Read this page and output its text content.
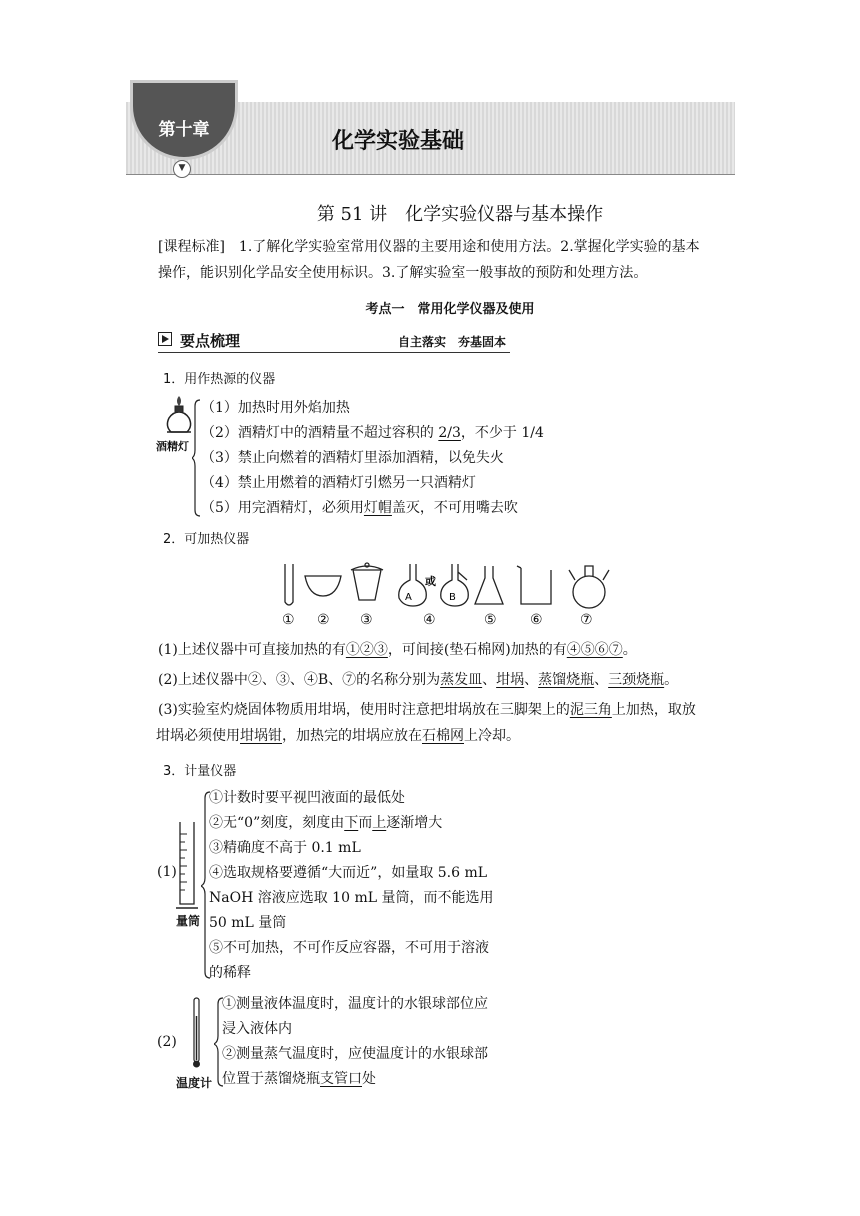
第十章
▼
化学实验基础
第 51 讲　化学实验仪器与基本操作
[课程标准]　1.了解化学实验室常用仪器的主要用途和使用方法。2.掌握化学实验的基本
操作，能识别化学品安全使用标识。3.了解实验室一般事故的预防和处理方法。
考点一　常用化学仪器及使用
要点梳理	自主落实　夯基固本
1．用作热源的仪器
酒精灯
（1）加热时用外焰加热
（2）酒精灯中的酒精量不超过容积的 2/3，不少于 1/4
（3）禁止向燃着的酒精灯里添加酒精，以免失火
（4）禁止用燃着的酒精灯引燃另一只酒精灯
（5）用完酒精灯，必须用灯帽盖灭，不可用嘴去吹
2．可加热仪器
A
或
B
① ② ③	④	⑤ ⑥	⑦
(1)上述仪器中可直接加热的有①②③，可间接(垫石棉网)加热的有④⑤⑥⑦。
(2)上述仪器中②、③、④B、⑦的名称分别为蒸发皿、坩埚、蒸馏烧瓶、三颈烧瓶。
(3)实验室灼烧固体物质用坩埚，使用时注意把坩埚放在三脚架上的泥三角上加热，取放
坩埚必须使用坩埚钳，加热完的坩埚应放在石棉网上冷却。
3．计量仪器
(1)
量筒
①计数时要平视凹液面的最低处
②无“0”刻度，刻度由下而上逐渐增大
③精确度不高于 0.1 mL
④选取规格要遵循“大而近”，如量取 5.6 mL
NaOH 溶液应选取 10 mL 量筒，而不能选用
50 mL 量筒
⑤不可加热，不可作反应容器，不可用于溶液
的稀释
(2)
温度计
①测量液体温度时，温度计的水银球部位应
浸入液体内
②测量蒸气温度时，应使温度计的水银球部
位置于蒸馏烧瓶支管口处
